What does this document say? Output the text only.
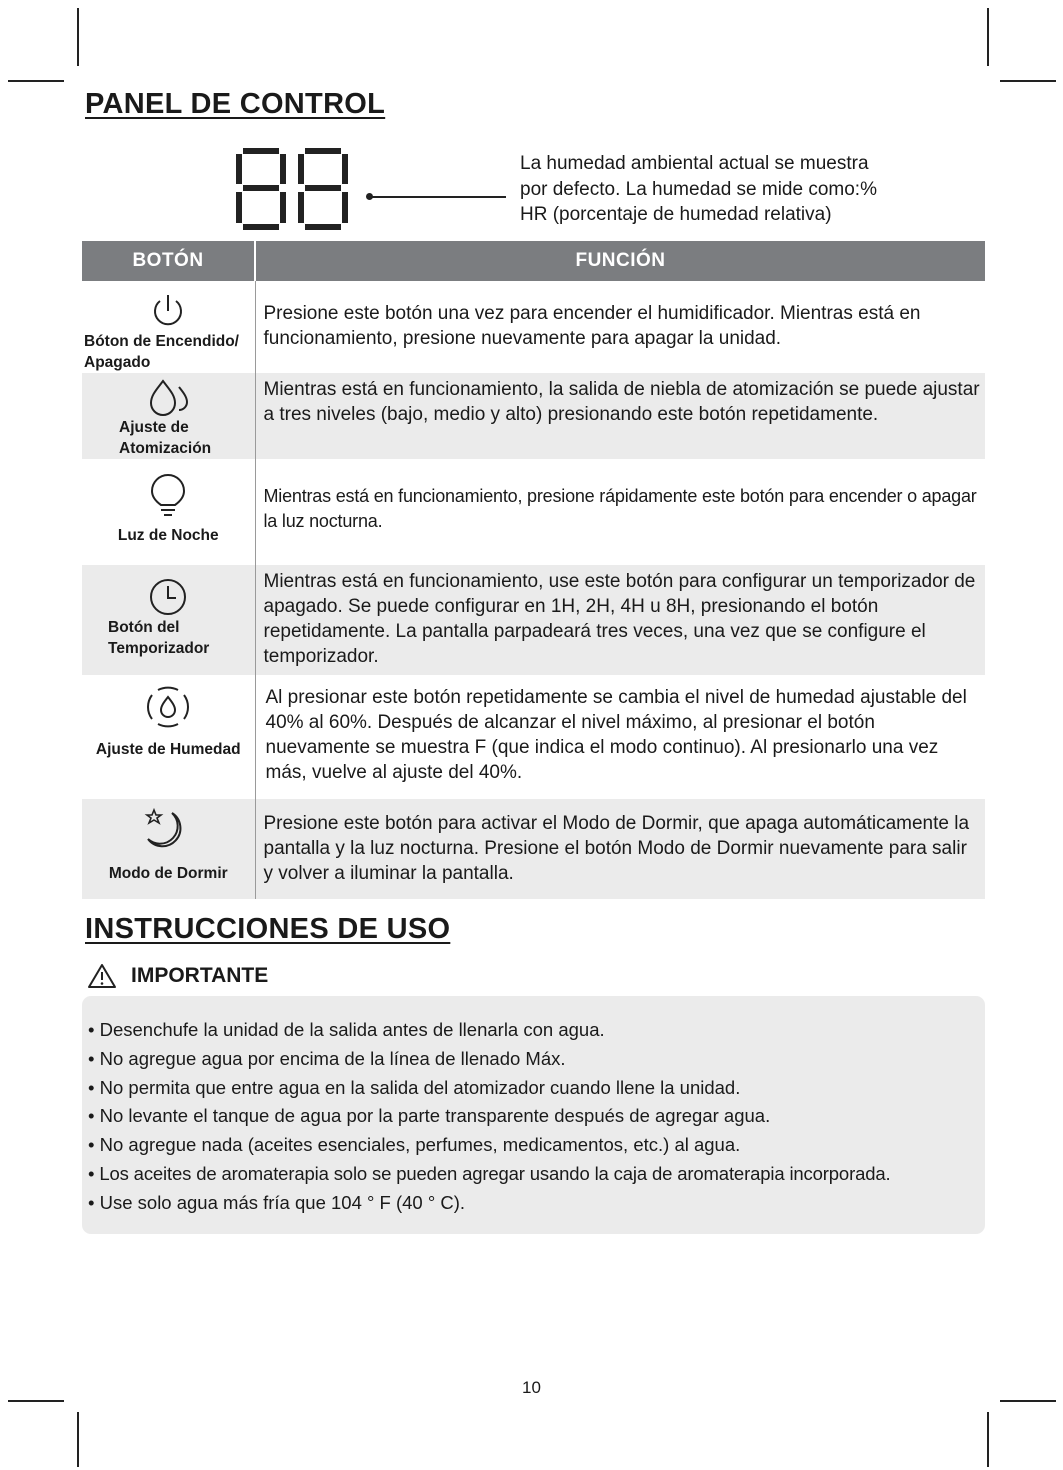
PANEL DE CONTROL
La humedad ambiental actual se muestra
por defecto. La humedad se mide como:%
HR (porcentaje de humedad relativa)
BOTÓN	FUNCIÓN

Bóton de Encendido/
Apagado	Presione este botón una vez para encender el humidificador. Mientras está en funcionamiento, presione nuevamente para apagar la unidad.

Ajuste de
Atomización	Mientras está en funcionamiento, la salida de niebla de atomización se puede ajustar a tres niveles (bajo, medio y alto) presionando este botón repetidamente.

Luz de Noche	Mientras está en funcionamiento, presione rápidamente este botón para encender o apagar la luz nocturna.

Botón del
Temporizador	Mientras está en funcionamiento, use este botón para configurar un temporizador de apagado. Se puede configurar en 1H, 2H, 4H u 8H, presionando el botón repetidamente. La pantalla parpadeará tres veces, una vez que se configure el temporizador.

Ajuste de Humedad	Al presionar este botón repetidamente se cambia el nivel de humedad ajustable del 40% al 60%. Después de alcanzar el nivel máximo, al presionar el botón nuevamente se muestra F (que indica el modo continuo). Al presionarlo una vez más, vuelve al ajuste del 40%.

Modo de Dormir	Presione este botón para activar el Modo de Dormir, que apaga automáticamente la pantalla y la luz nocturna. Presione el botón Modo de Dormir nuevamente para salir y volver a iluminar la pantalla.
INSTRUCCIONES DE USO
IMPORTANTE
• Desenchufe la unidad de la salida antes de llenarla con agua.
• No agregue agua por encima de la línea de llenado Máx.
• No permita que entre agua en la salida del atomizador cuando llene la unidad.
• No levante el tanque de agua por la parte transparente después de agregar agua.
• No agregue nada (aceites esenciales, perfumes, medicamentos, etc.) al agua.
• Los aceites de aromaterapia solo se pueden agregar usando la caja de aromaterapia incorporada.
• Use solo agua más fría que 104 ° F (40 ° C).
10
